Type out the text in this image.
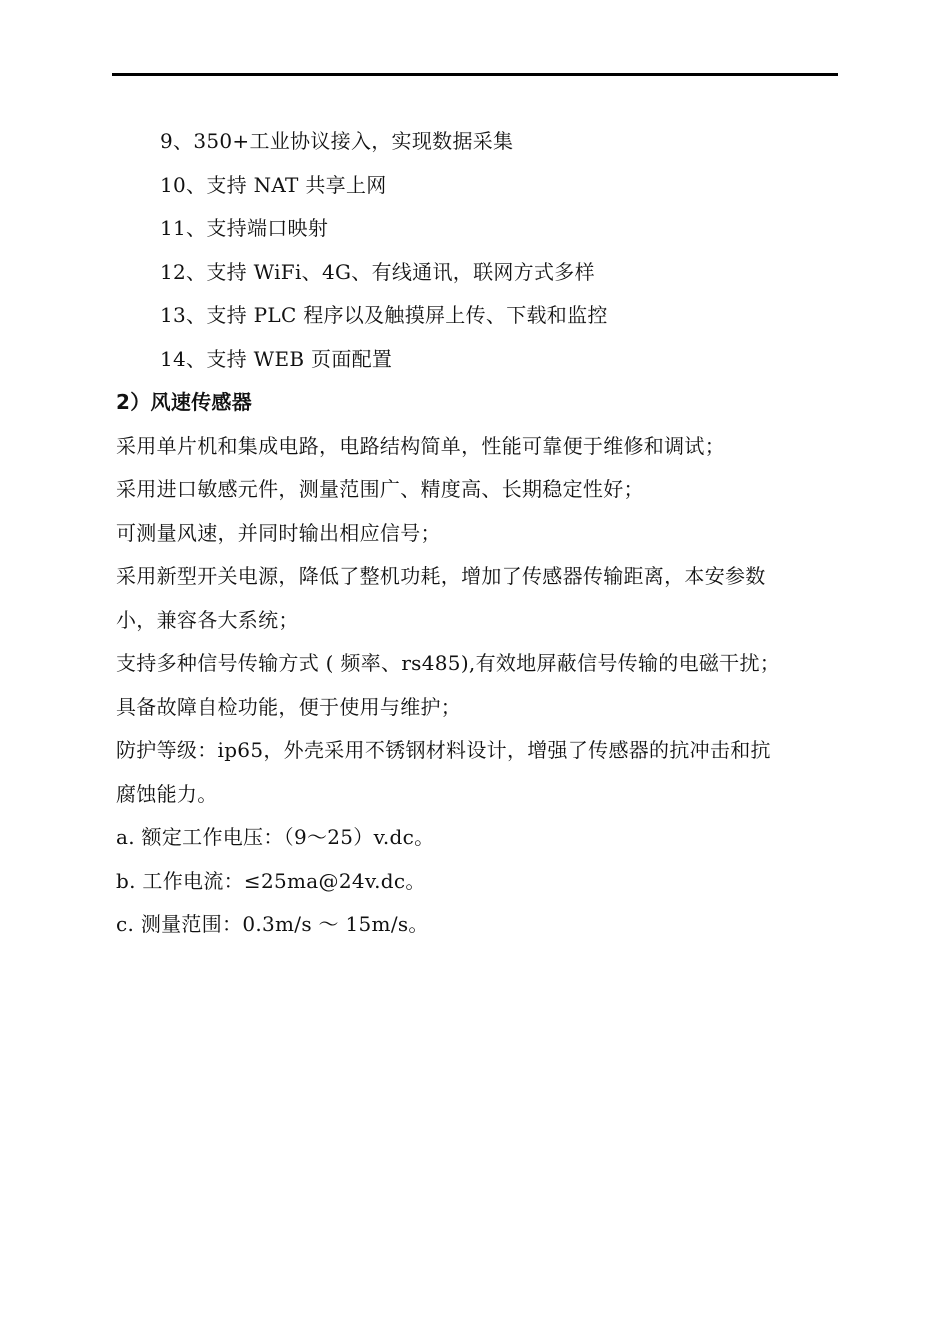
9、350+工业协议接入，实现数据采集
10、支持 NAT 共享上网
11、支持端口映射
12、支持 WiFi、4G、有线通讯，联网方式多样
13、支持 PLC 程序以及触摸屏上传、下载和监控
14、支持 WEB 页面配置
2）风速传感器
采用单片机和集成电路，电路结构简单，性能可靠便于维修和调试；
采用进口敏感元件，测量范围广、精度高、长期稳定性好；
可测量风速，并同时输出相应信号；
采用新型开关电源，降低了整机功耗，增加了传感器传输距离，本安参数
小，兼容各大系统；
支持多种信号传输方式 ( 频率、rs485),有效地屏蔽信号传输的电磁干扰；
具备故障自检功能，便于使用与维护；
防护等级：ip65，外壳采用不锈钢材料设计，增强了传感器的抗冲击和抗
腐蚀能力。
a. 额定工作电压：（9～25）v.dc。
b. 工作电流：≤25ma@24v.dc。
c. 测量范围：0.3m/s ～ 15m/s。
